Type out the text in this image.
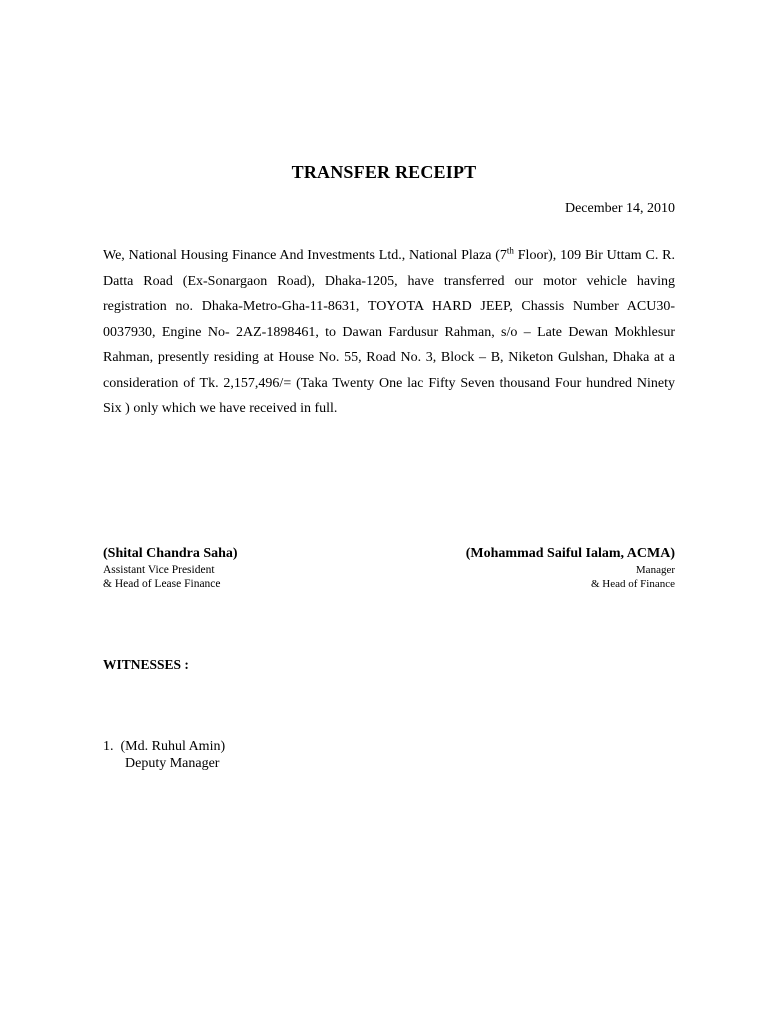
TRANSFER RECEIPT
December 14, 2010
We, National Housing Finance And Investments Ltd., National Plaza (7th Floor), 109 Bir Uttam C. R. Datta Road (Ex-Sonargaon Road), Dhaka-1205, have transferred our motor vehicle having registration no. Dhaka-Metro-Gha-11-8631, TOYOTA HARD JEEP, Chassis Number ACU30-0037930, Engine No- 2AZ-1898461, to Dawan Fardusur Rahman, s/o – Late Dewan Mokhlesur Rahman, presently residing at House No. 55, Road No. 3, Block – B, Niketon Gulshan, Dhaka at a consideration of Tk. 2,157,496/= (Taka Twenty One lac Fifty Seven thousand Four hundred Ninety Six ) only which we have received in full.
(Shital Chandra Saha)
Assistant Vice President
& Head of Lease Finance
(Mohammad Saiful Ialam, ACMA)
Manager
& Head of Finance
WITNESSES :
1. (Md. Ruhul Amin)
Deputy Manager
